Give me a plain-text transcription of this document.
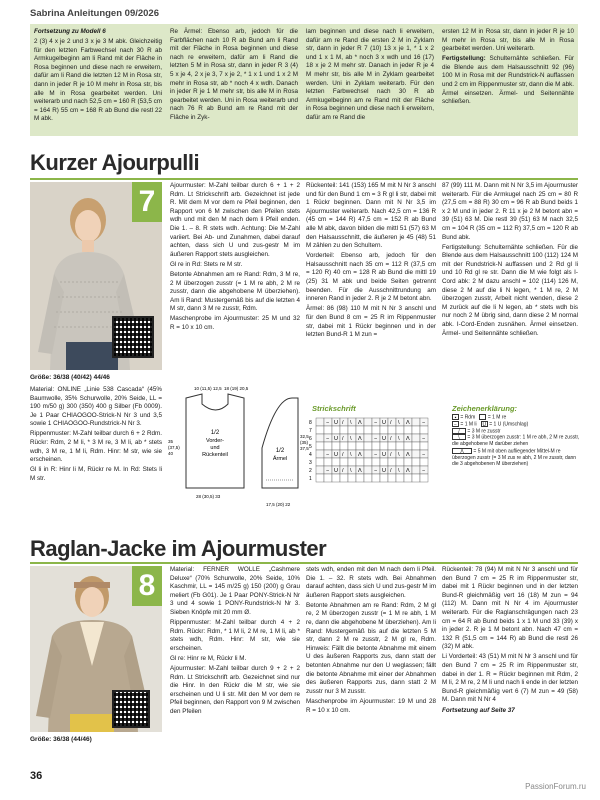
Sabrina Anleitungen 09/2026

Fortsetzung zu Modell 6

2 (3) 4 x je 2 und 3 x je 3 M abk. Gleichzeitig für den letzten Farbwechsel nach 30 R ab Armkugelbeginn am li Rand mit der Fläche in Rosa beginnen und diese nach re erweitern, dafür am li Rand die letzten 12 M in Rosa str, dann in jeder R je 10 M mehr in Rosa str, bis alle M in Rosa gearbeitet werden. Uni weiterarb und nach 52,5 cm = 160 R (53,5 cm = 164 R) 55 cm = 168 R ab Bund die restl 22 M abk.

Re Ärmel: Ebenso arb, jedoch für die Farbflächen nach 10 R ab Bund am li Rand mit der Fläche in Rosa beginnen und diese nach re erweitern, dafür am li Rand die letzten 5 M in Rosa str, dann in jeder R 3 (4) 5 x je 4, 2 x je 3, 7 x je 2, * 1 x 1 und 1 x 2 M mehr in Rosa str, ab * noch 4 x wdh. Danach in jeder R je 1 M mehr str, bis alle M in Rosa gearbeitet werden. Uni in Rosa weiterarb und nach 76 R ab Bund am re Rand mit der Fläche in Zyk-

lam beginnen und diese nach li erweitern, dafür am re Rand die ersten 2 M in Zyklam str, dann in jeder R 7 (10) 13 x je 1, * 1 x 2 und 1 x 1 M, ab * noch 3 x wdh und 16 (17) 18 x je 2 M mehr str. Danach in jeder R je 4 M mehr str, bis alle M in Zyklam gearbeitet werden. Uni in Zyklam weiterarb. Für den letzten Farbwechsel nach 30 R ab Armkugelbeginn am re Rand mit der Fläche in Rosa beginnen und diese nach li erweitern, dafür am re Rand die

ersten 12 M in Rosa str, dann in jeder R je 10 M mehr in Rosa str, bis alle M in Rosa gearbeitet werden. Uni weiterarb.

Fertigstellung: Schulternähte schließen. Für die Blende aus dem Halsausschnitt 92 (96) 100 M in Rosa mit der Rundstrick-N auffassen und 2 cm im Rippenmuster str, dann die M abk. Ärmel einsetzen. Ärmel- und Seitennähte schließen.

Kurzer Ajourpulli
7
Größe: 36/38 (40/42) 44/46

Material: ONLINE „Linie 538 Cascada“ (45% Baumwolle, 35% Schurwolle, 20% Seide, LL = 190 m/50 g) 300 (350) 400 g Silber (Fb 0009). Je 1 Paar CHIAOGOO-Strick-N Nr 3 und 3,5 sowie 1 CHIAOGOO-Rundstrick-N Nr 3.

Rippenmuster: M-Zahl teilbar durch 6 + 2 Rdm. Rückr: Rdm, 2 M li, * 3 M re, 3 M li, ab * stets wdh, 3 M re, 1 M li, Rdm. Hinr: M str, wie sie erscheinen.

Gl li in R: Hinr li M, Rückr re M. In Rd: Stets li M str.

Ajourmuster: M-Zahl teilbar durch 6 + 1 + 2 Rdm. Lt Strickschrift arb. Gezeichnet ist jede R. Mit dem M vor dem re Pfeil beginnen, den Rapport von 6 M zwischen den Pfeilen stets wdh und mit den M nach dem li Pfeil enden. Die 1. – 8. R stets wdh. Achtung: Die M-Zahl variiert. Bei Ab- und Zunahmen, dabei darauf achten, dass sich U und zus-gestr M im äußeren Rapport stets ausgleichen.

Gl re in Rd: Stets re M str.

Betonte Abnahmen am re Rand: Rdm, 3 M re, 2 M überzogen zusstr (= 1 M re abh, 2 M re zusstr, dann die abgehobene M überziehen). Am li Rand: Mustergemäß bis auf die letzten 4 M str, dann 3 M re zusstr, Rdm.

Maschenprobe im Ajourmuster: 25 M und 32 R = 10 x 10 cm.

1/2
Vorder-
und
Rückenteil
1/2
Ärmel
10 (11,5) 12,5 18 (19) 20,5
35
(37,5)
40
28 (30,5) 33
17,5 (20) 22
32,5
(35)
37,5

Rückenteil: 141 (153) 165 M mit N Nr 3 anschl und für den Bund 1 cm = 3 R gl li str, dabei mit 1 Rückr beginnen. Dann mit N Nr 3,5 im Ajourmuster weiterarb. Nach 42,5 cm = 136 R (45 cm = 144 R) 47,5 cm = 152 R ab Bund alle M abk, davon bilden die mittl 51 (57) 63 M den Halsausschnitt, die äußeren je 45 (48) 51 M zählen zu den Schultern.

Vorderteil: Ebenso arb, jedoch für den Halsausschnitt nach 35 cm = 112 R (37,5 cm = 120 R) 40 cm = 128 R ab Bund die mittl 19 (25) 31 M abk und beide Seiten getrennt beenden. Für die Ausschnittrundung am inneren Rand in jeder 2. R je 2 M betont abn.

Ärmel: 86 (98) 110 M mit N Nr 3 anschl und für den Bund 8 cm = 25 R im Rippenmuster str, dabei mit 1 Rückr beginnen und in der letzten Bund-R 1 M zun =

87 (99) 111 M. Dann mit N Nr 3,5 im Ajourmuster weiterarb. Für die Armkugel nach 25 cm = 80 R (27,5 cm = 88 R) 30 cm = 96 R ab Bund beids 1 x 2 M und in jeder 2. R 11 x je 2 M betont abn = 39 (51) 63 M. Die restl 39 (51) 63 M nach 32,5 cm = 104 R (35 cm = 112 R) 37,5 cm = 120 R ab Bund abk.

Fertigstellung: Schulternähte schließen. Für die Blende aus dem Halsausschnitt 100 (112) 124 M mit der Rundstrick-N auffassen und 2 Rd gl li und 10 Rd gl re str. Dann die M wie folgt als I-Cord abk: 2 M dazu anschl = 102 (114) 126 M, diese 2 M auf die li N legen, * 1 M re, 2 M überzogen zusstr, Arbeit nicht wenden, diese 2 M zurück auf die li N legen, ab * stets wdh bis nur noch 2 M übrig sind, dann diese 2 M normal abk. I-Cord-Enden zusnähen. Ärmel einsetzen. Ärmel- und Seitennähte schließen.

Strickschrift
8	− U / \ Λ − U / \ Λ −
7
6	− U / \ Λ − U / \ Λ −
5
4	− U / \ Λ − U / \ Λ −
3
2	− U / \ Λ − U / \ Λ −
1
Zeichenerklärung:
▪ = Rdm	= 1 M re
− = 1 M li U = 1 U (Umschlag)
/ = 3 M re zusstr
\ = 3 M überzogen zusstr: 1 M re abh, 2 M re zusstr, die abgehobene M darüber ziehen
Λ = 5 M mit oben aufliegender Mittel-M re überzogen zusstr (= 3 M zus re abh, 2 M re zusstr, dann die 3 abgehobenen M überziehen)
Raglan-Jacke im Ajourmuster
8
Größe: 36/38 (44/46)

Material: FERNER WOLLE „Cashmere Deluxe“ (70% Schurwolle, 20% Seide, 10% Kaschmir, LL = 145 m/25 g) 150 (200) g Grau meliert (Fb G01). Je 1 Paar PONY-Strick-N Nr 3 und 4 sowie 1 PONY-Rundstrick-N Nr 3. Sieben Knöpfe mit 20 mm Ø.

Rippenmuster: M-Zahl teilbar durch 4 + 2 Rdm. Rückr: Rdm, * 1 M li, 2 M re, 1 M li, ab * stets wdh, Rdm. Hinr: M str, wie sie erscheinen.

Gl re: Hinr re M, Rückr li M.

Ajourmuster: M-Zahl teilbar durch 9 + 2 + 2 Rdm. Lt Strickschrift arb. Gezeichnet sind nur die Hinr. In den Rückr die M str, wie sie erscheinen und U li str. Mit den M vor dem re Pfeil beginnen, den Rapport von 9 M zwischen den Pfeilen

stets wdh, enden mit den M nach dem li Pfeil. Die 1. – 32. R stets wdh. Bei Abnahmen darauf achten, dass sich U und zus-gestr M im äußeren Rapport stets ausgleichen.

Betonte Abnahmen am re Rand: Rdm, 2 M gl re, 2 M überzogen zusstr (= 1 M re abh, 1 M re, dann die abgehobene M überziehen). Am li Rand: Mustergemäß bis auf die letzten 5 M str, dann 2 M re zusstr, 2 M gl re, Rdm. Hinweis: Fällt die betonte Abnahme mit einem U des äußeren Rapports zus, dann statt der betonten Abnahme nur den U weglassen; fällt die betonte Abnahme mit einer der Abnahmen des äußeren Rapports zus, dann statt 2 M zusstr nur 3 M zusstr.

Maschenprobe im Ajourmuster: 19 M und 28 R = 10 x 10 cm.

Rückenteil: 78 (94) M mit N Nr 3 anschl und für den Bund 7 cm = 25 R im Rippenmuster str, dabei mit 1 Rückr beginnen und in der letzten Bund-R gleichmäßig vert 16 (18) M zun = 94 (112) M. Dann mit N Nr 4 im Ajourmuster weiterarb. Für die Raglanschrägungen nach 23 cm = 64 R ab Bund beids 1 x 1 M und 33 (39) x in jeder 2. R je 1 M betont abn. Nach 47 cm = 132 R (51,5 cm = 144 R) ab Bund die restl 26 (32) M abk.

Li Vorderteil: 43 (51) M mit N Nr 3 anschl und für den Bund 7 cm = 25 R im Rippenmuster str, dabei in der 1. R = Rückr beginnen mit Rdm, 2 M li, 2 M re, 2 M li und nach li ende in der letzten Bund-R gleichmäßig vert 6 (7) M zun = 49 (58) M. Dann mit N Nr 4

Fortsetzung auf Seite 37

36
PassionForum.ru
